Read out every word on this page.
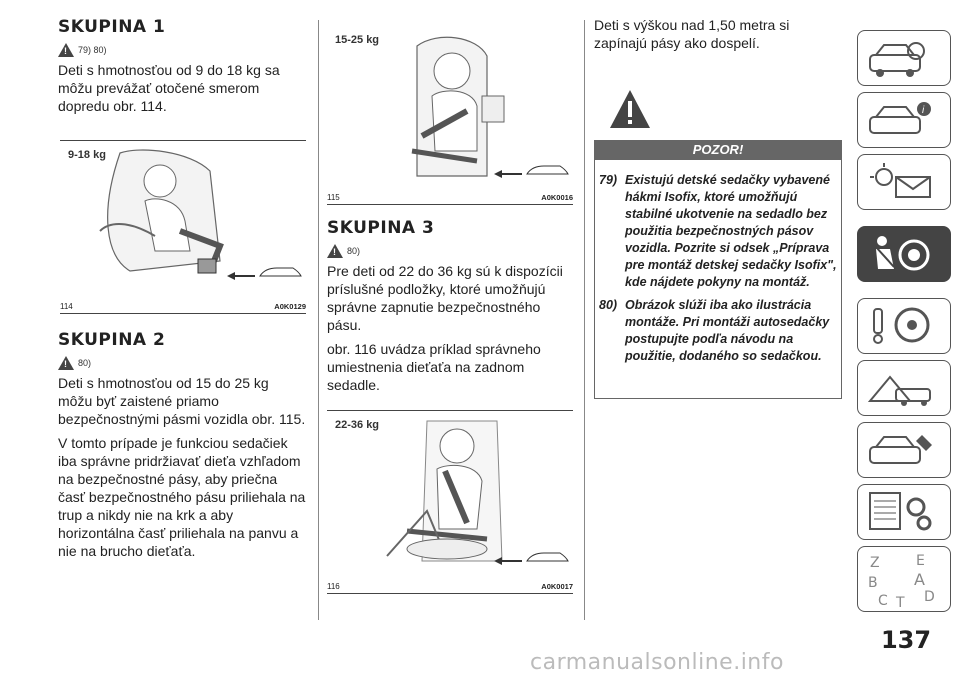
SKUPINA 1
!
79) 80)

Deti s hmotnosťou od 9 do 18 kg sa môžu prevážať otočené smerom dopredu obr. 114.

9-18 kg
114	A0K0129
SKUPINA 2
!
80)

Deti s hmotnosťou od 15 do 25 kg môžu byť zaistené priamo bezpečnostnými pásmi vozidla obr. 115.

V tomto prípade je funkciou sedačiek iba správne pridržiavať dieťa vzhľadom na bezpečnostné pásy, aby priečna časť bezpečnostného pásu priliehala na trup a nikdy nie na krk a aby horizontálna časť priliehala na panvu a nie na brucho dieťaťa.

15-25 kg
115	A0K0016
SKUPINA 3
!
80)

Pre deti od 22 do 36 kg sú k dispozícii príslušné podložky, ktoré umožňujú správne zapnutie bezpečnostného pásu.

obr. 116 uvádza príklad správneho umiestnenia dieťaťa na zadnom sedadle.

22-36 kg
116	A0K0017

Deti s výškou nad 1,50 metra si zapínajú pásy ako dospelí.

POZOR!
79) Existujú detské sedačky vybavené hákmi Isofix, ktoré umožňujú stabilné ukotvenie na sedadlo bez použitia bezpečnostných pásov vozidla. Pozrite si odsek „Príprava pre montáž detskej sedačky Isofix", kde nájdete pokyny na montáž.
80) Obrázok slúži iba ako ilustrácia montáže. Pri montáži autosedačky postupujte podľa návodu na použitie, dodaného so sedačkou.
i
Z	E
B A
C T D
137
carmanualsonline.info
